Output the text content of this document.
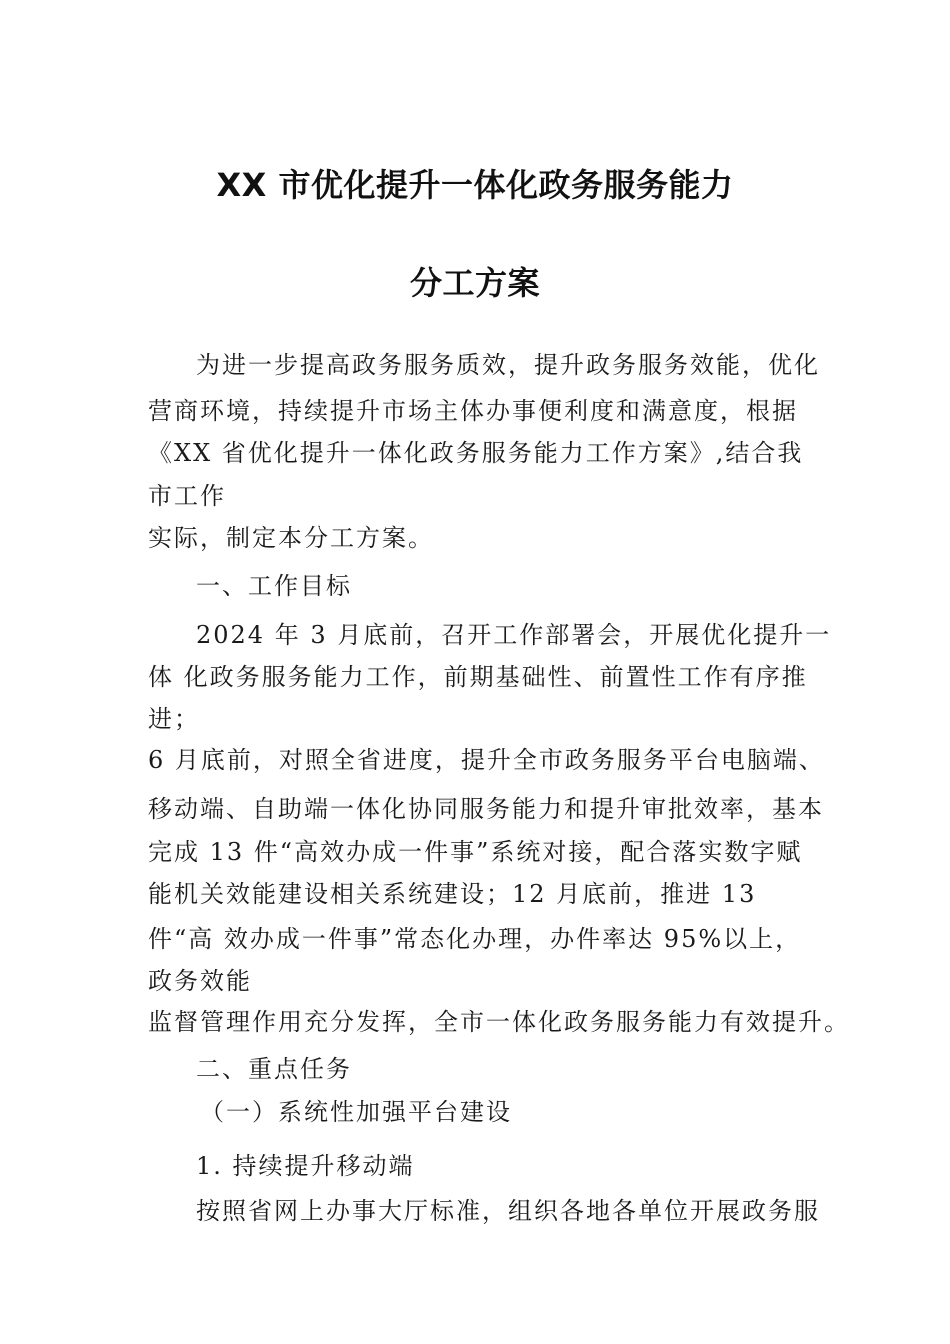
XX 市优化提升一体化政务服务能力
分工方案
为进一步提高政务服务质效，提升政务服务效能，优化
营商环境，持续提升市场主体办事便利度和满意度，根据
《XX 省优化提升一体化政务服务能力工作方案》,结合我
市工作
实际，制定本分工方案。
一、工作目标
2024 年 3 月底前，召开工作部署会，开展优化提升一
体 化政务服务能力工作，前期基础性、前置性工作有序推
进；
6 月底前，对照全省进度，提升全市政务服务平台电脑端、
移动端、自助端一体化协同服务能力和提升审批效率，基本
完成 13 件“高效办成一件事”系统对接，配合落实数字赋
能机关效能建设相关系统建设；12 月底前，推进 13
件“高 效办成一件事”常态化办理，办件率达 95%以上，
政务效能
监督管理作用充分发挥，全市一体化政务服务能力有效提升。
二、重点任务
（一）系统性加强平台建设
1. 持续提升移动端
按照省网上办事大厅标准，组织各地各单位开展政务服
